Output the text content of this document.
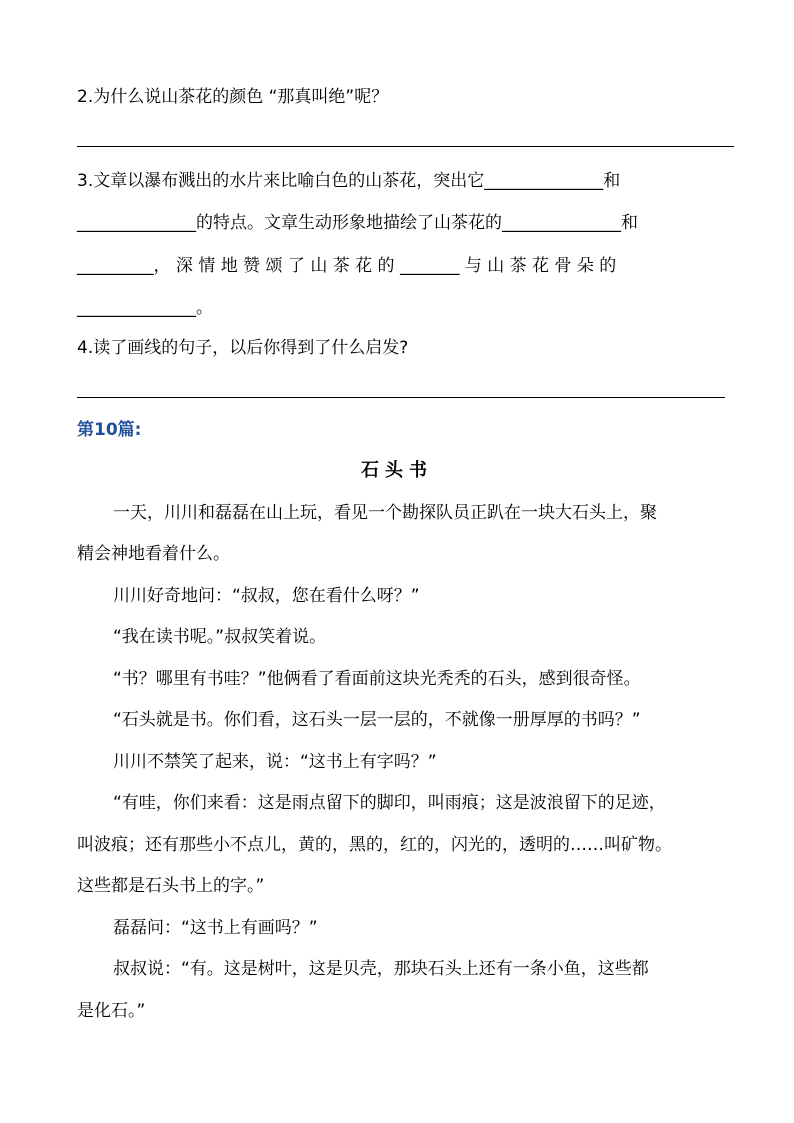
2.为什么说山茶花的颜色 “那真叫绝”呢？
3.文章以瀑布溅出的水片来比喻白色的山茶花，突出它______________和
______________的特点。文章生动形象地描绘了山茶花的______________和
_________， 深 情 地 赞 颂 了 山 茶 花 的 _______ 与 山 茶 花 骨 朵 的
______________。
4.读了画线的句子，以后你得到了什么启发?
第10篇:
石头书
一天，川川和磊磊在山上玩，看见一个勘探队员正趴在一块大石头上，聚
精会神地看着什么。
川川好奇地问：“叔叔，您在看什么呀？”
“我在读书呢。”叔叔笑着说。
“书？哪里有书哇？”他俩看了看面前这块光秃秃的石头，感到很奇怪。
“石头就是书。你们看，这石头一层一层的，不就像一册厚厚的书吗？”
川川不禁笑了起来，说：“这书上有字吗？”
“有哇，你们来看：这是雨点留下的脚印，叫雨痕；这是波浪留下的足迹，
叫波痕；还有那些小不点儿，黄的，黑的，红的，闪光的，透明的……叫矿物。
这些都是石头书上的字。”
磊磊问：“这书上有画吗？”
叔叔说：“有。这是树叶，这是贝壳，那块石头上还有一条小鱼，这些都
是化石。”
